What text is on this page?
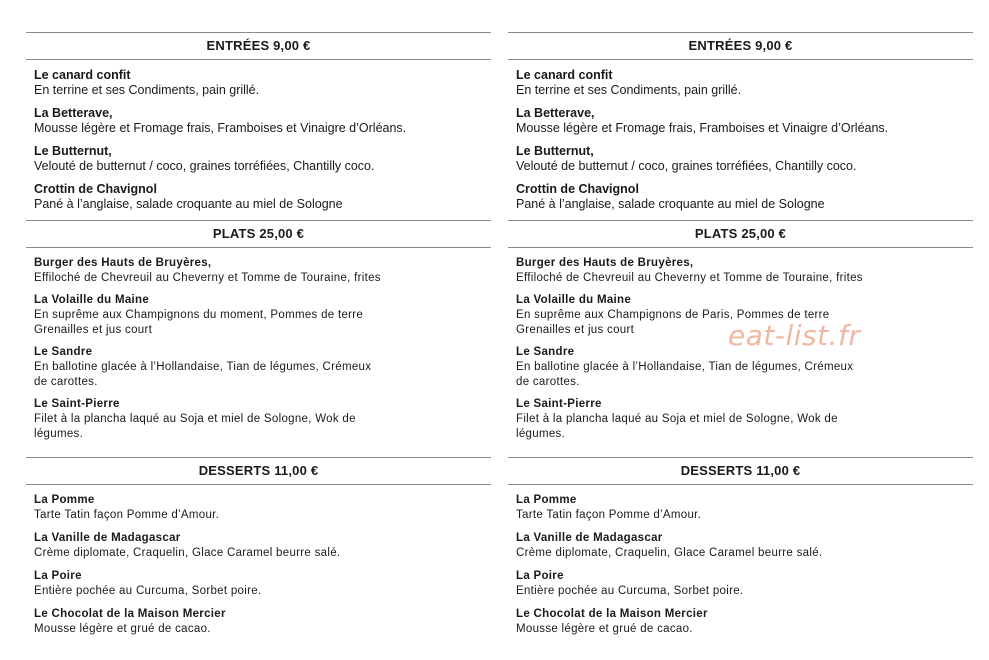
ENTRÉES 9,00 €
Le canard confit
En terrine et ses Condiments, pain grillé.
La Betterave,
Mousse légère et Fromage frais, Framboises et Vinaigre d’Orléans.
Le Butternut,
Velouté de butternut / coco, graines torréfiées, Chantilly coco.
Crottin de Chavignol
Pané à l’anglaise, salade croquante au miel de Sologne
PLATS 25,00 €
Burger des Hauts de Bruyères,
Effiloché de Chevreuil au Cheverny et Tomme de Touraine, frites
La Volaille du Maine
En suprême aux Champignons du moment, Pommes de terre
Grenailles et jus court
Le Sandre
En ballotine glacée à l’Hollandaise, Tian de légumes, Crémeux
de carottes.
Le Saint-Pierre
Filet à la plancha laqué au Soja et miel de Sologne, Wok de
légumes.
DESSERTS 11,00 €
La Pomme
Tarte Tatin façon Pomme d’Amour.
La Vanille de Madagascar
Crème diplomate, Craquelin, Glace Caramel beurre salé.
La Poire
Entière pochée au Curcuma, Sorbet poire.
Le Chocolat de la Maison Mercier
Mousse légère et grué de cacao.
ENTRÉES 9,00 €
Le canard confit
En terrine et ses Condiments, pain grillé.
La Betterave,
Mousse légère et Fromage frais, Framboises et Vinaigre d’Orléans.
Le Butternut,
Velouté de butternut / coco, graines torréfiées, Chantilly coco.
Crottin de Chavignol
Pané à l’anglaise, salade croquante au miel de Sologne
PLATS 25,00 €
Burger des Hauts de Bruyères,
Effiloché de Chevreuil au Cheverny et Tomme de Touraine, frites
La Volaille du Maine
En suprême aux Champignons de Paris, Pommes de terre
Grenailles et jus court
Le Sandre
En ballotine glacée à l’Hollandaise, Tian de légumes, Crémeux
de carottes.
Le Saint-Pierre
Filet à la plancha laqué au Soja et miel de Sologne, Wok de
légumes.
DESSERTS 11,00 €
La Pomme
Tarte Tatin façon Pomme d’Amour.
La Vanille de Madagascar
Crème diplomate, Craquelin, Glace Caramel beurre salé.
La Poire
Entière pochée au Curcuma, Sorbet poire.
Le Chocolat de la Maison Mercier
Mousse légère et grué de cacao.
eat-list.fr
